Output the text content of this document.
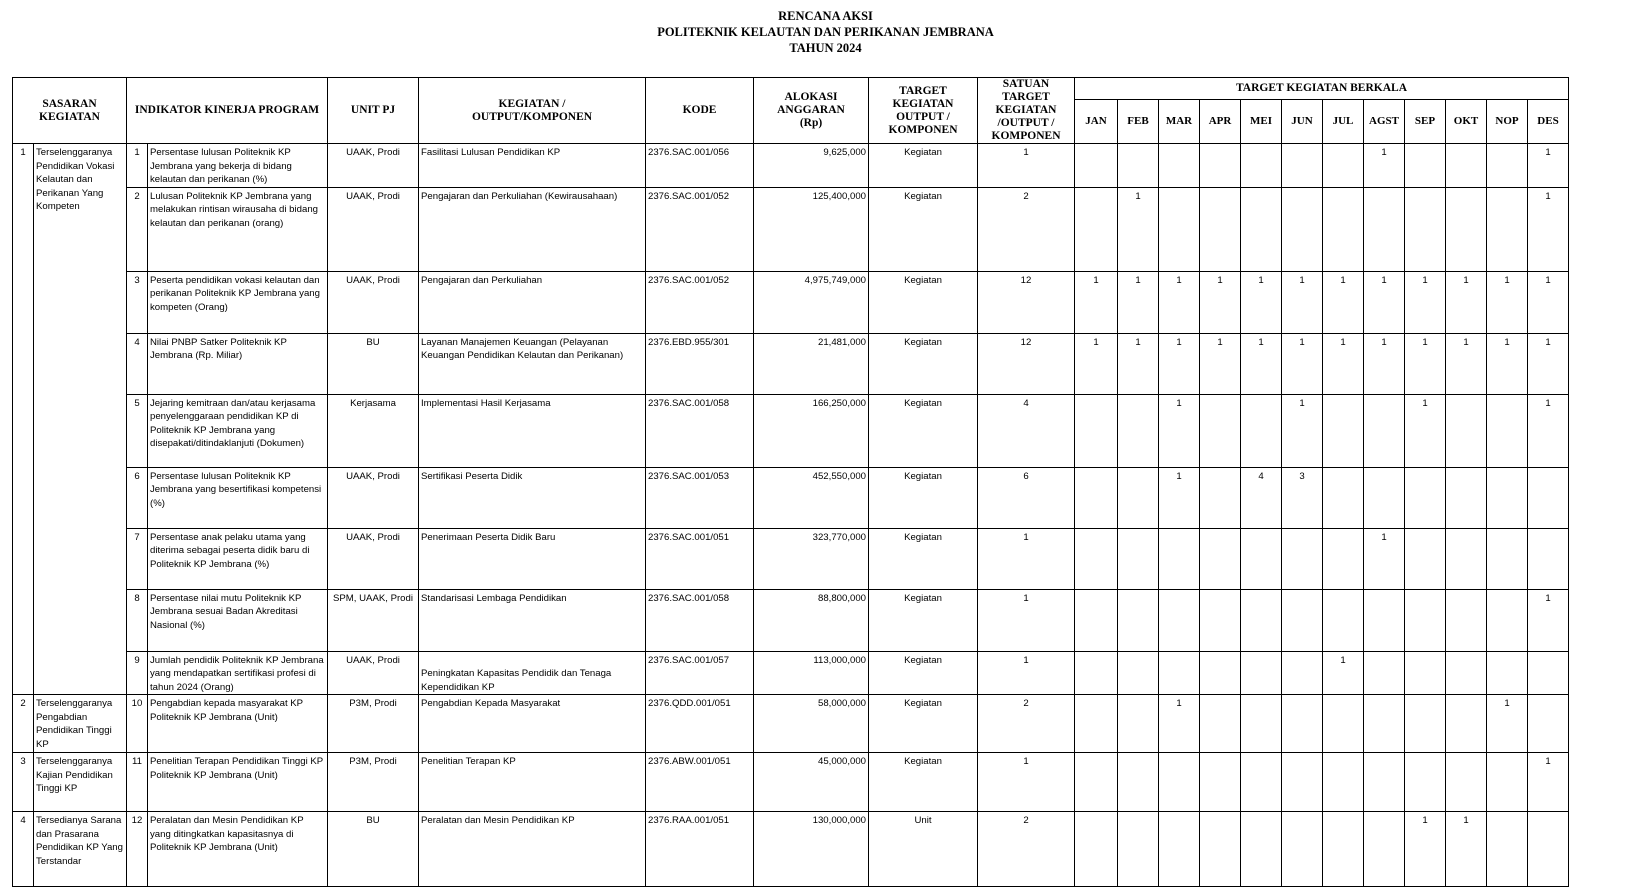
RENCANA AKSI
POLITEKNIK KELAUTAN DAN PERIKANAN JEMBRANA
TAHUN 2024
SASARAN KEGIATAN		INDIKATOR KINERJA PROGRAM		UNIT PJ	KEGIATAN / OUTPUT/KOMPONEN	KODE	ALOKASI ANGGARAN (Rp)	TARGET KEGIATAN OUTPUT / KOMPONEN	SATUAN TARGET KEGIATAN /OUTPUT / KOMPONEN	TARGET KEGIATAN BERKALA											
										JAN	FEB	MAR	APR	MEI	JUN	JUL	AGST	SEP	OKT	NOP	DES
1	Terselenggaranya Pendidikan Vokasi Kelautan dan Perikanan Yang Kompeten	1	Persentase lulusan Politeknik KP Jembrana yang bekerja di bidang kelautan dan perikanan (%)	UAAK, Prodi	Fasilitasi Lulusan Pendidikan KP	2376.SAC.001/056	9,625,000	Kegiatan	1								1				1
		2	Lulusan Politeknik KP Jembrana yang melakukan rintisan wirausaha di bidang kelautan dan perikanan (orang)	UAAK, Prodi	Pengajaran dan Perkuliahan (Kewirausahaan)	2376.SAC.001/052	125,400,000	Kegiatan	2		1										1
		3	Peserta pendidikan vokasi kelautan dan perikanan Politeknik KP Jembrana yang kompeten (Orang)	UAAK, Prodi	Pengajaran dan Perkuliahan	2376.SAC.001/052	4,975,749,000	Kegiatan	12	1	1	1	1	1	1	1	1	1	1	1	1
		4	Nilai PNBP Satker Politeknik KP Jembrana (Rp. Miliar)	BU	Layanan Manajemen Keuangan (Pelayanan Keuangan Pendidikan Kelautan dan Perikanan)	2376.EBD.955/301	21,481,000	Kegiatan	12	1	1	1	1	1	1	1	1	1	1	1	1
		5	Jejaring kemitraan dan/atau kerjasama penyelenggaraan pendidikan KP di Politeknik KP Jembrana yang disepakati/ditindaklanjuti (Dokumen)	Kerjasama	Implementasi Hasil Kerjasama	2376.SAC.001/058	166,250,000	Kegiatan	4			1			1			1			1
		6	Persentase lulusan Politeknik KP Jembrana yang besertifikasi kompetensi (%)	UAAK, Prodi	Sertifikasi Peserta Didik	2376.SAC.001/053	452,550,000	Kegiatan	6			1		4	3						
		7	Persentase anak pelaku utama yang diterima sebagai peserta didik baru di Politeknik KP Jembrana (%)	UAAK, Prodi	Penerimaan Peserta Didik Baru	2376.SAC.001/051	323,770,000	Kegiatan	1								1				
		8	Persentase nilai mutu Politeknik KP Jembrana sesuai Badan Akreditasi Nasional (%)	SPM, UAAK, Prodi	Standarisasi Lembaga Pendidikan	2376.SAC.001/058	88,800,000	Kegiatan	1												1
		9	Jumlah pendidik Politeknik KP Jembrana yang mendapatkan sertifikasi profesi di tahun 2024 (Orang)	UAAK, Prodi	Peningkatan Kapasitas Pendidik dan Tenaga Kependidikan KP	2376.SAC.001/057	113,000,000	Kegiatan	1							1					
2	Terselenggaranya Pengabdian Pendidikan Tinggi KP	10	Pengabdian kepada masyarakat KP Politeknik KP Jembrana (Unit)	P3M, Prodi	Pengabdian Kepada Masyarakat	2376.QDD.001/051	58,000,000	Kegiatan	2			1								1	
3	Terselenggaranya Kajian Pendidikan Tinggi KP	11	Penelitian Terapan Pendidikan Tinggi KP Politeknik KP Jembrana (Unit)	P3M, Prodi	Penelitian Terapan KP	2376.ABW.001/051	45,000,000	Kegiatan	1												1
4	Tersedianya Sarana dan Prasarana Pendidikan KP Yang Terstandar	12	Peralatan dan Mesin Pendidikan KP yang ditingkatkan kapasitasnya di Politeknik KP Jembrana (Unit)	BU	Peralatan dan Mesin Pendidikan KP	2376.RAA.001/051	130,000,000	Unit	2									1	1		
